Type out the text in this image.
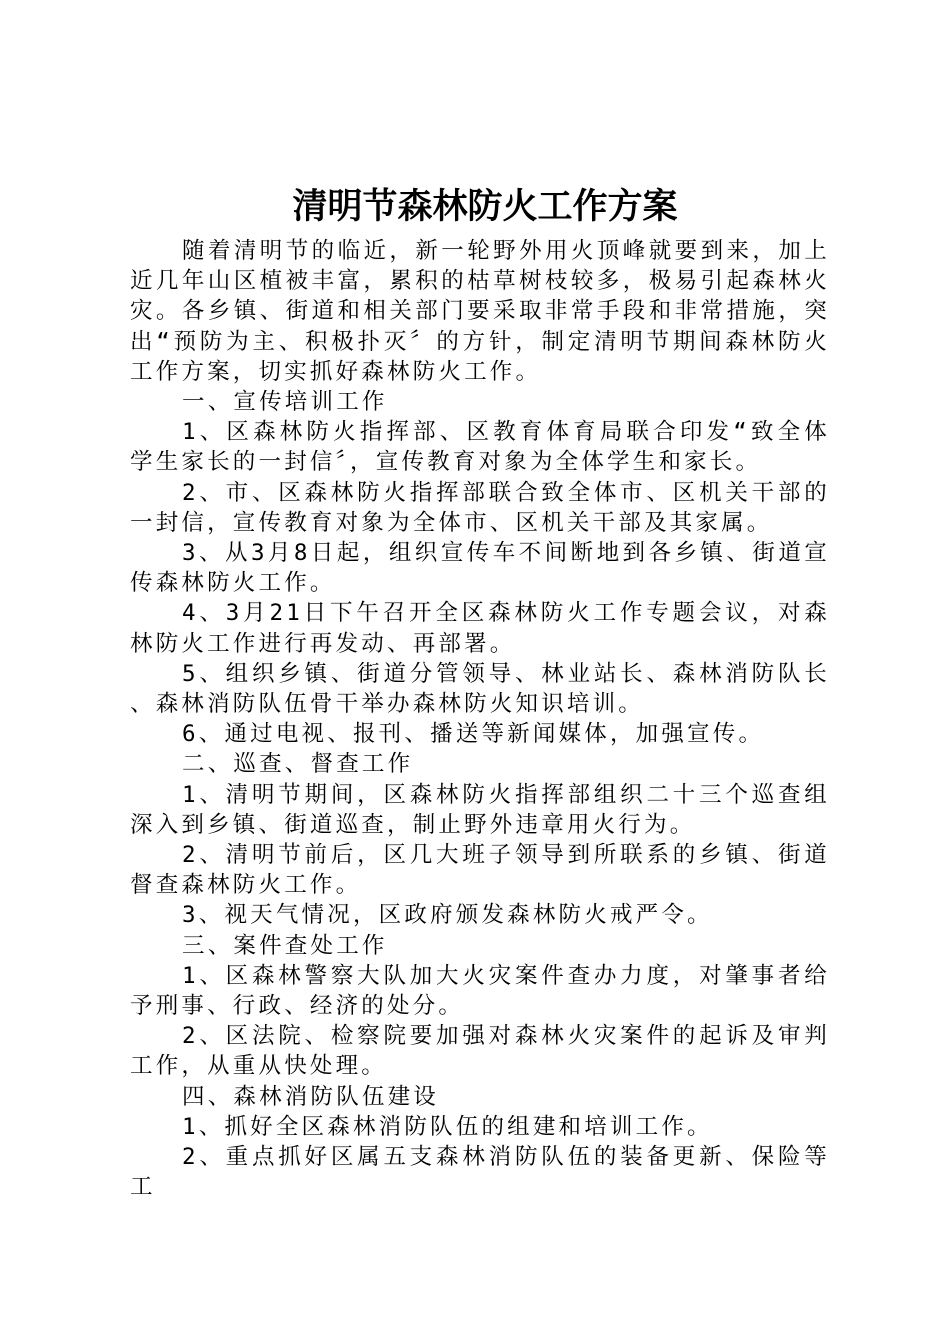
清明节森林防火工作方案

随着清明节的临近，新一轮野外用火顶峰就要到来，加上近几年山区植被丰富，累积的枯草树枝较多，极易引起森林火灾。各乡镇、街道和相关部门要采取非常手段和非常措施，突出“预防为主、积极扑灭〞的方针，制定清明节期间森林防火工作方案，切实抓好森林防火工作。

一、宣传培训工作

1、区森林防火指挥部、区教育体育局联合印发“致全体学生家长的一封信〞，宣传教育对象为全体学生和家长。

2、市、区森林防火指挥部联合致全体市、区机关干部的一封信，宣传教育对象为全体市、区机关干部及其家属。

3、从3月8日起，组织宣传车不间断地到各乡镇、街道宣传森林防火工作。

4、3月21日下午召开全区森林防火工作专题会议，对森林防火工作进行再发动、再部署。

5、组织乡镇、街道分管领导、林业站长、森林消防队长、森林消防队伍骨干举办森林防火知识培训。

6、通过电视、报刊、播送等新闻媒体，加强宣传。

二、巡查、督查工作

1、清明节期间，区森林防火指挥部组织二十三个巡查组深入到乡镇、街道巡查，制止野外违章用火行为。

2、清明节前后，区几大班子领导到所联系的乡镇、街道督查森林防火工作。

3、视天气情况，区政府颁发森林防火戒严令。

三、案件查处工作

1、区森林警察大队加大火灾案件查办力度，对肇事者给予刑事、行政、经济的处分。

2、区法院、检察院要加强对森林火灾案件的起诉及审判工作，从重从快处理。

四、森林消防队伍建设

1、抓好全区森林消防队伍的组建和培训工作。

2、重点抓好区属五支森林消防队伍的装备更新、保险等工
